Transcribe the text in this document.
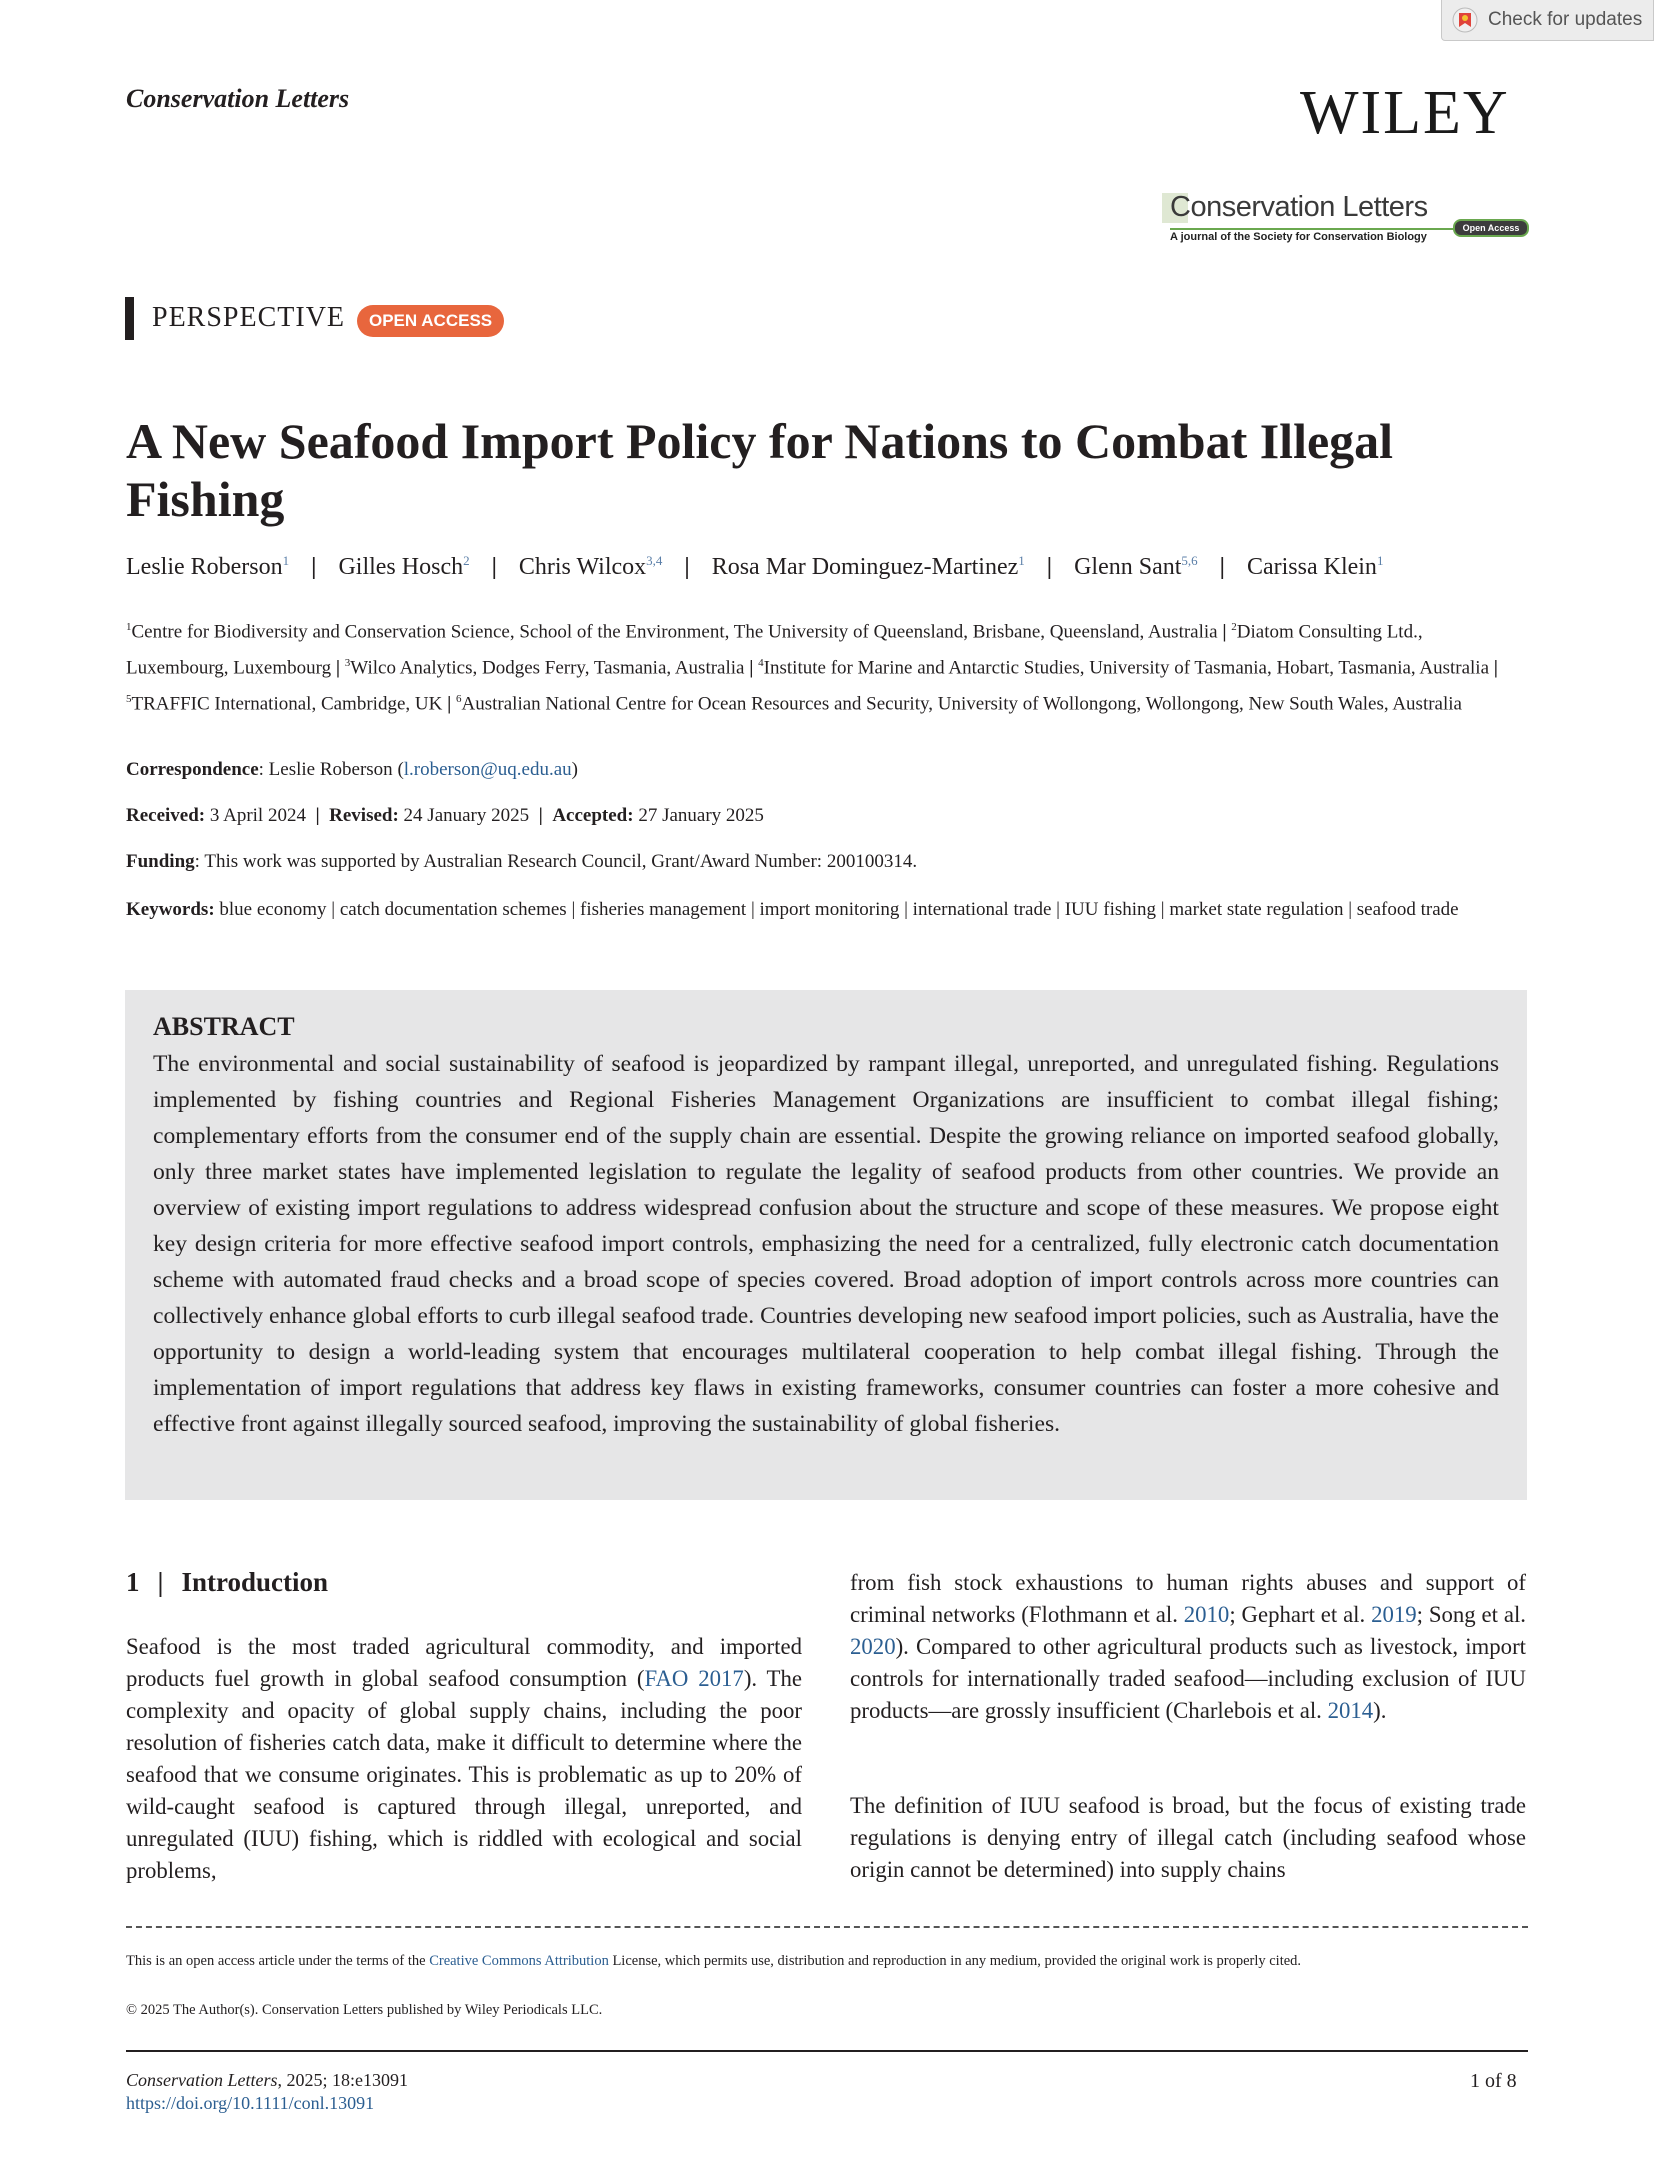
Check for updates
Conservation Letters	WILEY
Conservation Letters
Open Access
A journal of the Society for Conservation Biology
PERSPECTIVE	OPEN ACCESS
A New Seafood Import Policy for Nations to Combat Illegal Fishing
Leslie Roberson$^1$ | Gilles Hosch$^2$ | Chris Wilcox$^{3,4}$ | Rosa Mar Dominguez-Martinez$^1$ | Glenn Sant$^{5,6}$ | Carissa Klein$^1$
$^1$Centre for Biodiversity and Conservation Science, School of the Environment, The University of Queensland, Brisbane, Queensland, Australia | $^2$Diatom Consulting Ltd., Luxembourg, Luxembourg | $^3$Wilco Analytics, Dodges Ferry, Tasmania, Australia | $^4$Institute for Marine and Antarctic Studies, University of Tasmania, Hobart, Tasmania, Australia | $^5$TRAFFIC International, Cambridge, UK | $^6$Australian National Centre for Ocean Resources and Security, University of Wollongong, Wollongong, New South Wales, Australia
Correspondence: Leslie Roberson (l.roberson@uq.edu.au)
Received: 3 April 2024 | Revised: 24 January 2025 | Accepted: 27 January 2025
Funding: This work was supported by Australian Research Council, Grant/Award Number: 200100314.
Keywords: blue economy | catch documentation schemes | fisheries management | import monitoring | international trade | IUU fishing | market state regulation | seafood trade
ABSTRACT
The environmental and social sustainability of seafood is jeopardized by rampant illegal, unreported, and unregulated fishing. Regulations implemented by fishing countries and Regional Fisheries Management Organizations are insufficient to combat illegal fishing; complementary efforts from the consumer end of the supply chain are essential. Despite the growing reliance on imported seafood globally, only three market states have implemented legislation to regulate the legality of seafood products from other countries. We provide an overview of existing import regulations to address widespread confusion about the structure and scope of these measures. We propose eight key design criteria for more effective seafood import controls, emphasizing the need for a centralized, fully electronic catch documentation scheme with automated fraud checks and a broad scope of species covered. Broad adoption of import controls across more countries can collectively enhance global efforts to curb illegal seafood trade. Countries developing new seafood import policies, such as Australia, have the opportunity to design a world-leading system that encourages multilateral cooperation to help combat illegal fishing. Through the implementation of import regulations that address key flaws in existing frameworks, consumer countries can foster a more cohesive and effective front against illegally sourced seafood, improving the sustainability of global fisheries.
1 | Introduction
Seafood is the most traded agricultural commodity, and imported products fuel growth in global seafood consumption (FAO 2017). The complexity and opacity of global supply chains, including the poor resolution of fisheries catch data, make it difficult to determine where the seafood that we consume originates. This is problematic as up to 20% of wild-caught seafood is captured through illegal, unreported, and unregulated (IUU) fishing, which is riddled with ecological and social problems,
from fish stock exhaustions to human rights abuses and support of criminal networks (Flothmann et al. 2010; Gephart et al. 2019; Song et al. 2020). Compared to other agricultural products such as livestock, import controls for internationally traded seafood—including exclusion of IUU products—are grossly insufficient (Charlebois et al. 2014).
The definition of IUU seafood is broad, but the focus of existing trade regulations is denying entry of illegal catch (including seafood whose origin cannot be determined) into supply chains
This is an open access article under the terms of the Creative Commons Attribution License, which permits use, distribution and reproduction in any medium, provided the original work is properly cited.
© 2025 The Author(s). Conservation Letters published by Wiley Periodicals LLC.
Conservation Letters, 2025; 18:e13091
https://doi.org/10.1111/conl.13091
1 of 8
